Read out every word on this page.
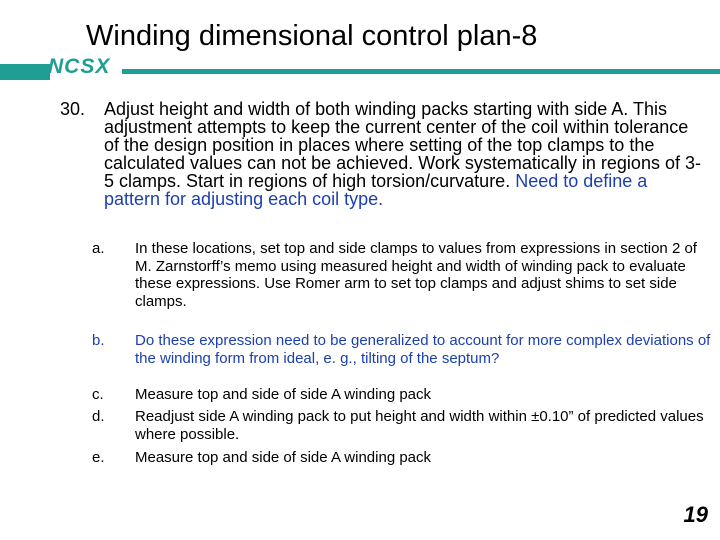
Winding dimensional control plan-8
NCSX
30. Adjust height and width of both winding packs starting with side A. This adjustment attempts to keep the current center of the coil within tolerance of the design position in places where setting of the top clamps to the calculated values can not be achieved. Work systematically in regions of 3-5 clamps. Start in regions of high torsion/curvature. Need to define a pattern for adjusting each coil type.
a. In these locations, set top and side clamps to values from expressions in section 2 of M. Zarnstorff’s memo using measured height and width of winding pack to evaluate these expressions. Use Romer arm to set top clamps and adjust shims to set side clamps.
b. Do these expression need to be generalized to account for more complex deviations of the winding form from ideal, e. g., tilting of the septum?
c. Measure top and side of side A winding pack
d. Readjust side A winding pack to put height and width within ±0.10” of predicted values where possible.
e. Measure top and side of side A winding pack
19
